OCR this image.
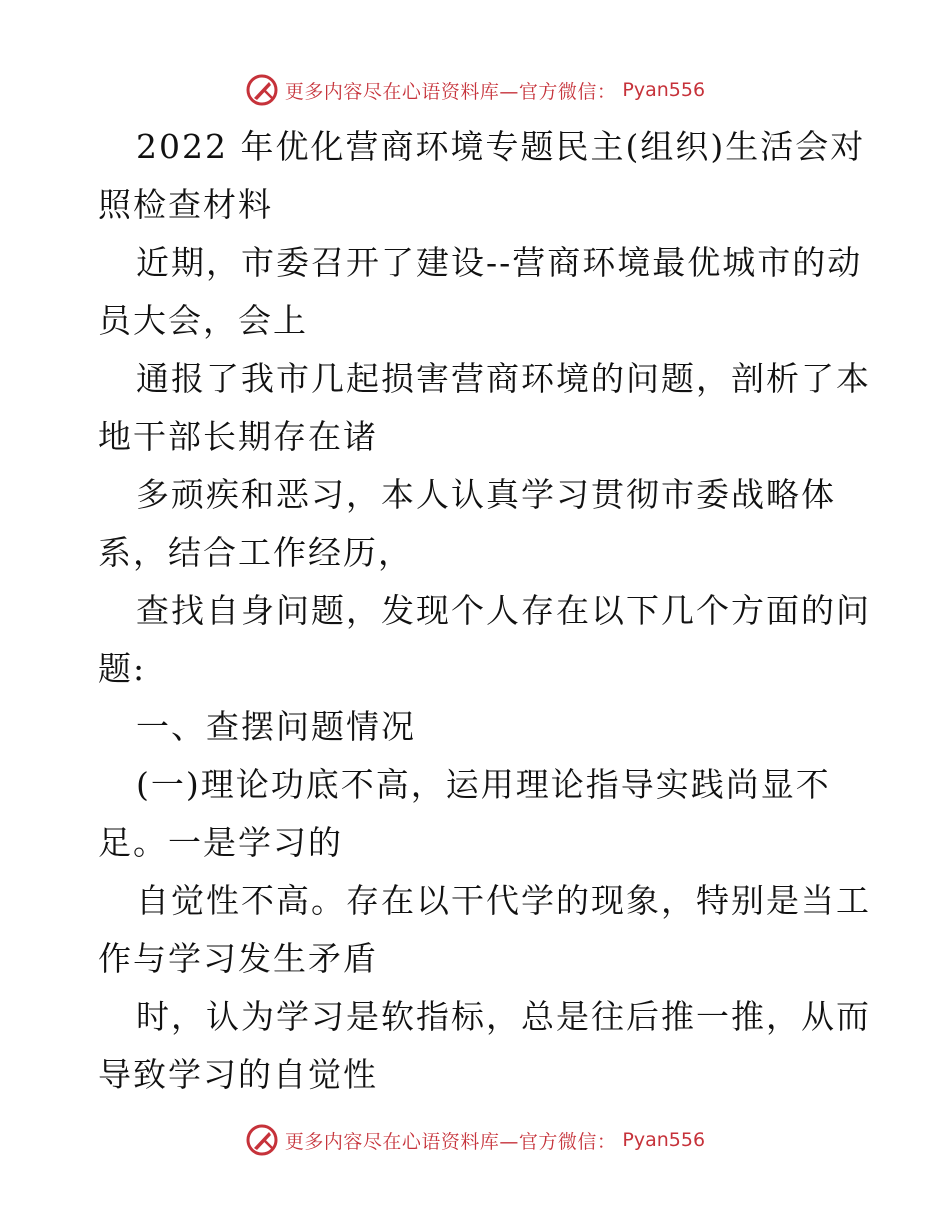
更多内容尽在心语资料库—官方微信： Pyan556
2022 年优化营商环境专题民主(组织)生活会对
照检查材料
近期，市委召开了建设--营商环境最优城市的动
员大会，会上
通报了我市几起损害营商环境的问题，剖析了本
地干部长期存在诸
多顽疾和恶习，本人认真学习贯彻市委战略体
系，结合工作经历，
查找自身问题，发现个人存在以下几个方面的问
题:
一、查摆问题情况
(一)理论功底不高，运用理论指导实践尚显不
足。一是学习的
自觉性不高。存在以干代学的现象，特别是当工
作与学习发生矛盾
时，认为学习是软指标，总是往后推一推，从而
导致学习的自觉性
更多内容尽在心语资料库—官方微信： Pyan556
